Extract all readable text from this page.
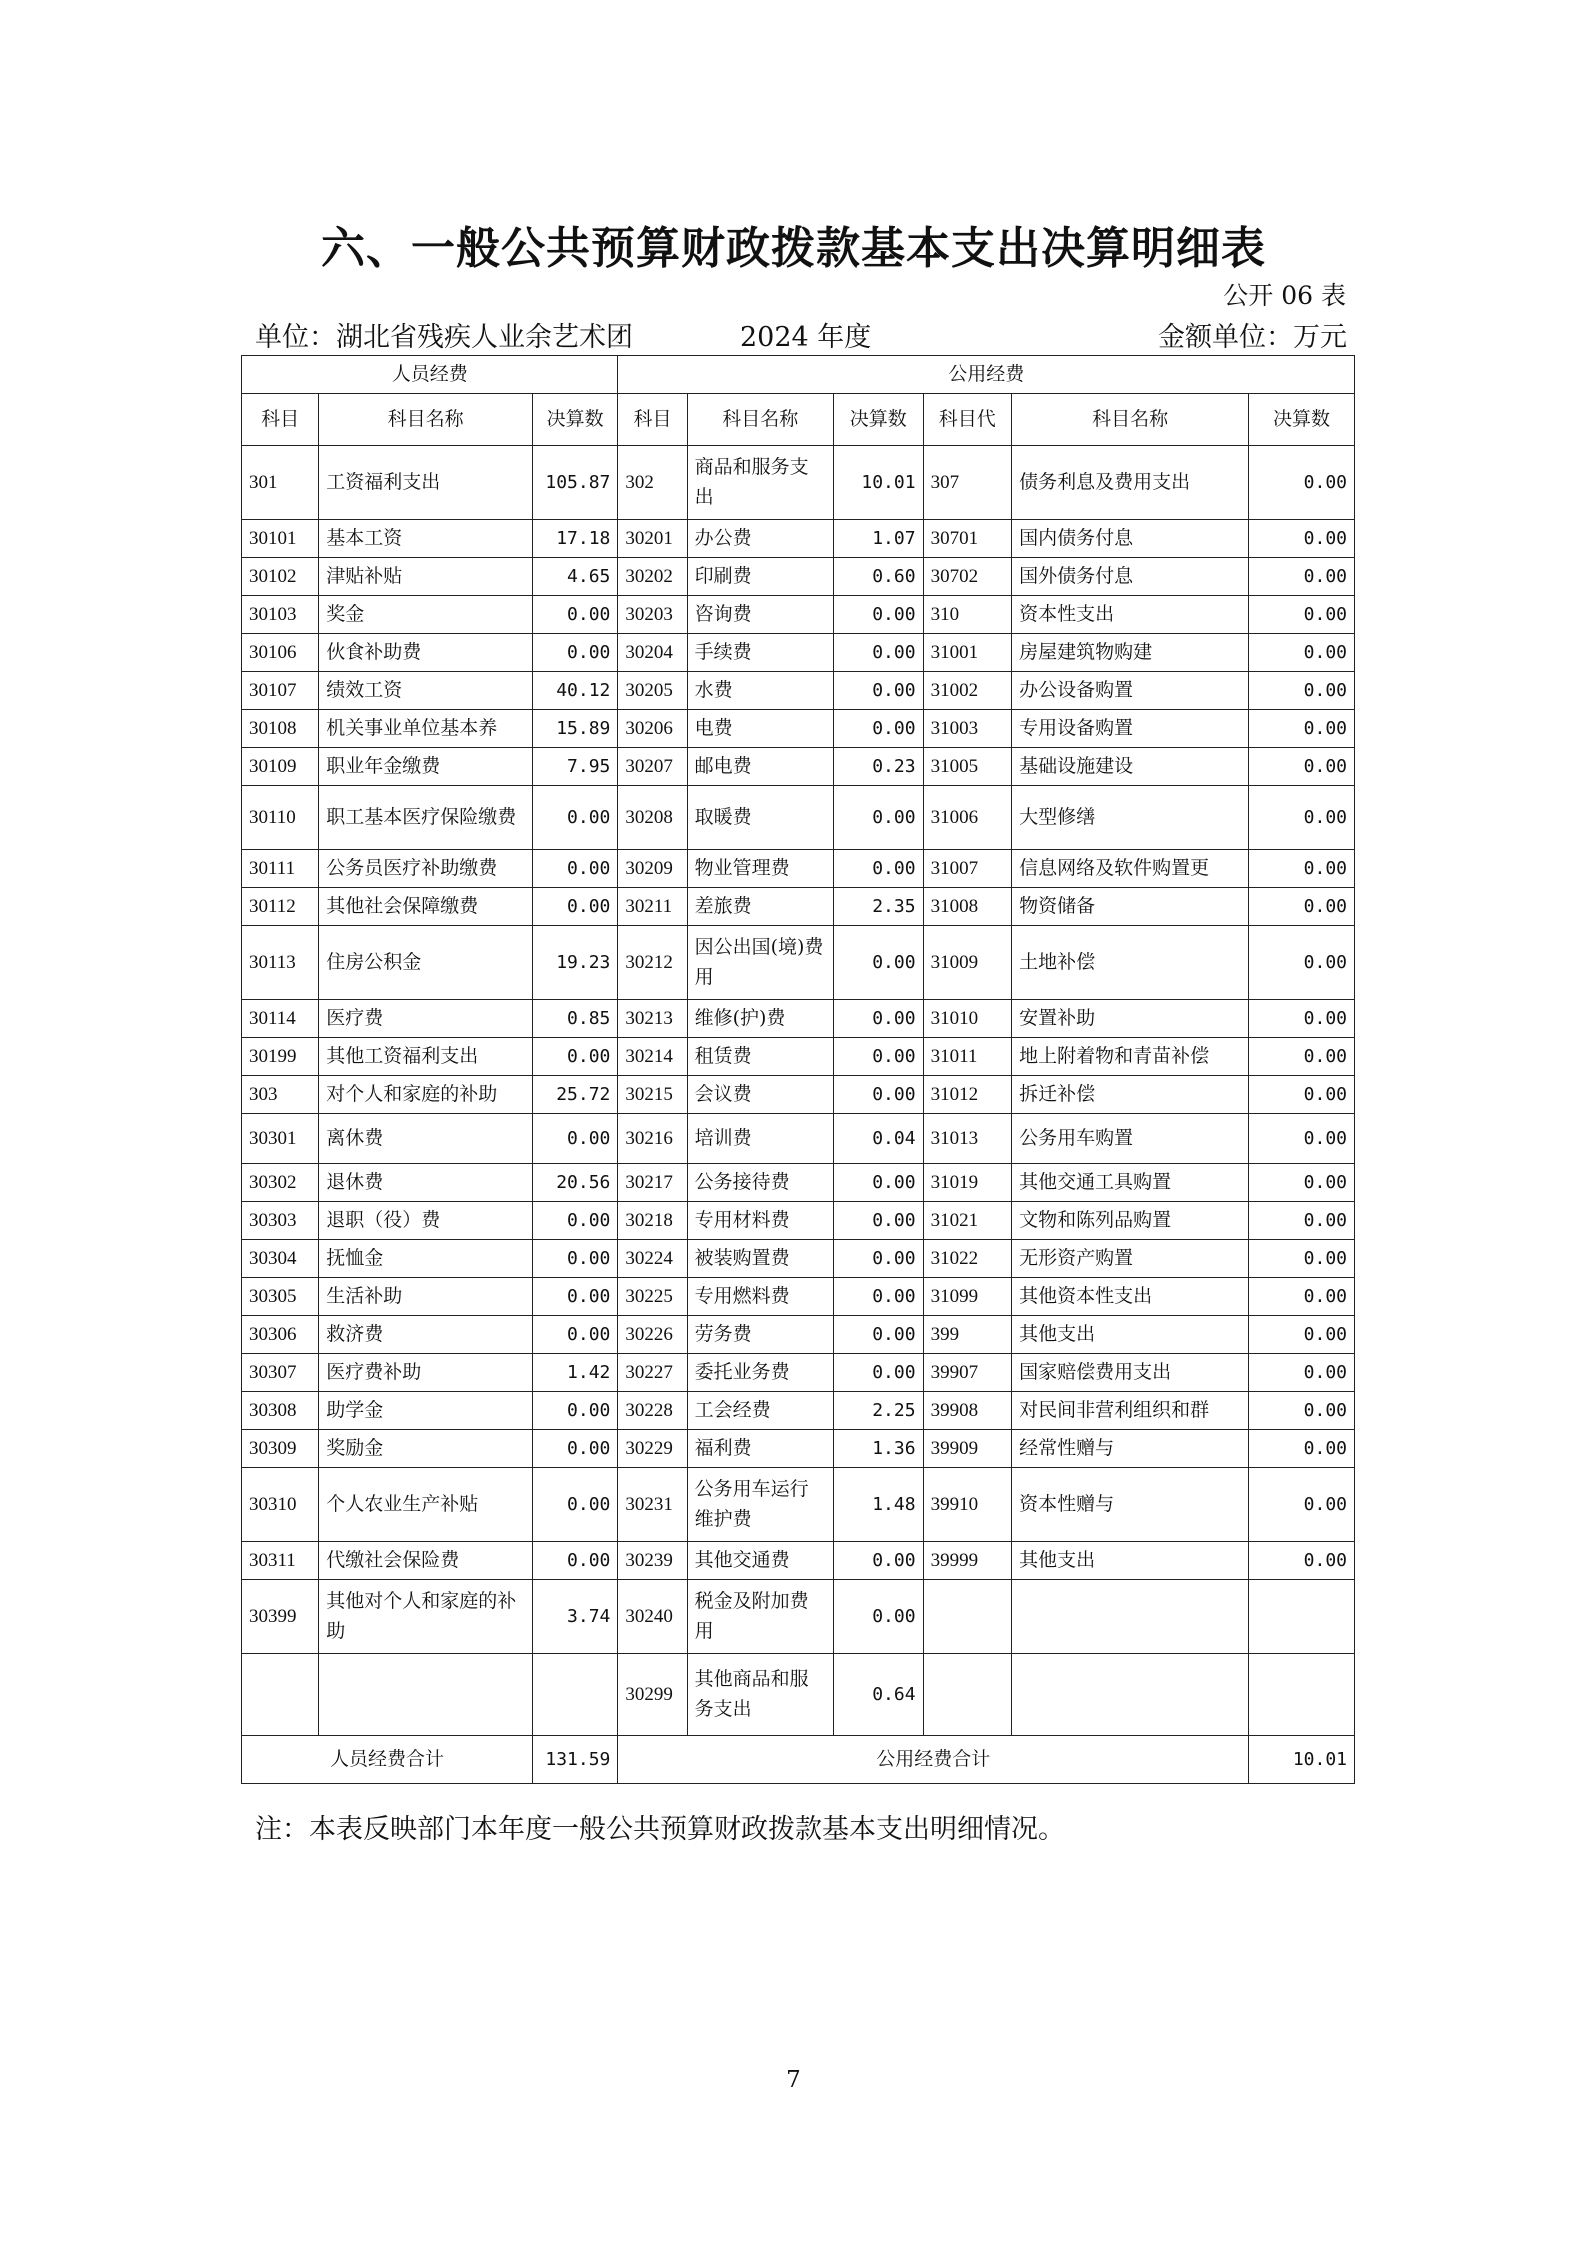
六、一般公共预算财政拨款基本支出决算明细表
公开 06 表
单位：湖北省残疾人业余艺术团	2024 年度	金额单位：万元
人员经费			公用经费					
科目	科目名称	决算数	科目	科目名称	决算数	科目代	科目名称	决算数
301	工资福利支出	105.87	302	商品和服务支出	10.01	307	债务利息及费用支出	0.00
30101	基本工资	17.18	30201	办公费	1.07	30701	国内债务付息	0.00
30102	津贴补贴	4.65	30202	印刷费	0.60	30702	国外债务付息	0.00
30103	奖金	0.00	30203	咨询费	0.00	310	资本性支出	0.00
30106	伙食补助费	0.00	30204	手续费	0.00	31001	房屋建筑物购建	0.00
30107	绩效工资	40.12	30205	水费	0.00	31002	办公设备购置	0.00
30108	机关事业单位基本养	15.89	30206	电费	0.00	31003	专用设备购置	0.00
30109	职业年金缴费	7.95	30207	邮电费	0.23	31005	基础设施建设	0.00
30110	职工基本医疗保险缴费	0.00	30208	取暖费	0.00	31006	大型修缮	0.00
30111	公务员医疗补助缴费	0.00	30209	物业管理费	0.00	31007	信息网络及软件购置更	0.00
30112	其他社会保障缴费	0.00	30211	差旅费	2.35	31008	物资储备	0.00
30113	住房公积金	19.23	30212	因公出国(境)费用	0.00	31009	土地补偿	0.00
30114	医疗费	0.85	30213	维修(护)费	0.00	31010	安置补助	0.00
30199	其他工资福利支出	0.00	30214	租赁费	0.00	31011	地上附着物和青苗补偿	0.00
303	对个人和家庭的补助	25.72	30215	会议费	0.00	31012	拆迁补偿	0.00
30301	离休费	0.00	30216	培训费	0.04	31013	公务用车购置	0.00
30302	退休费	20.56	30217	公务接待费	0.00	31019	其他交通工具购置	0.00
30303	退职（役）费	0.00	30218	专用材料费	0.00	31021	文物和陈列品购置	0.00
30304	抚恤金	0.00	30224	被装购置费	0.00	31022	无形资产购置	0.00
30305	生活补助	0.00	30225	专用燃料费	0.00	31099	其他资本性支出	0.00
30306	救济费	0.00	30226	劳务费	0.00	399	其他支出	0.00
30307	医疗费补助	1.42	30227	委托业务费	0.00	39907	国家赔偿费用支出	0.00
30308	助学金	0.00	30228	工会经费	2.25	39908	对民间非营利组织和群	0.00
30309	奖励金	0.00	30229	福利费	1.36	39909	经常性赠与	0.00
30310	个人农业生产补贴	0.00	30231	公务用车运行维护费	1.48	39910	资本性赠与	0.00
30311	代缴社会保险费	0.00	30239	其他交通费	0.00	39999	其他支出	0.00
30399	其他对个人和家庭的补助	3.74	30240	税金及附加费用	0.00			
			30299	其他商品和服务支出	0.64			
人员经费合计		131.59	公用经费合计					10.01
注：本表反映部门本年度一般公共预算财政拨款基本支出明细情况。
7
